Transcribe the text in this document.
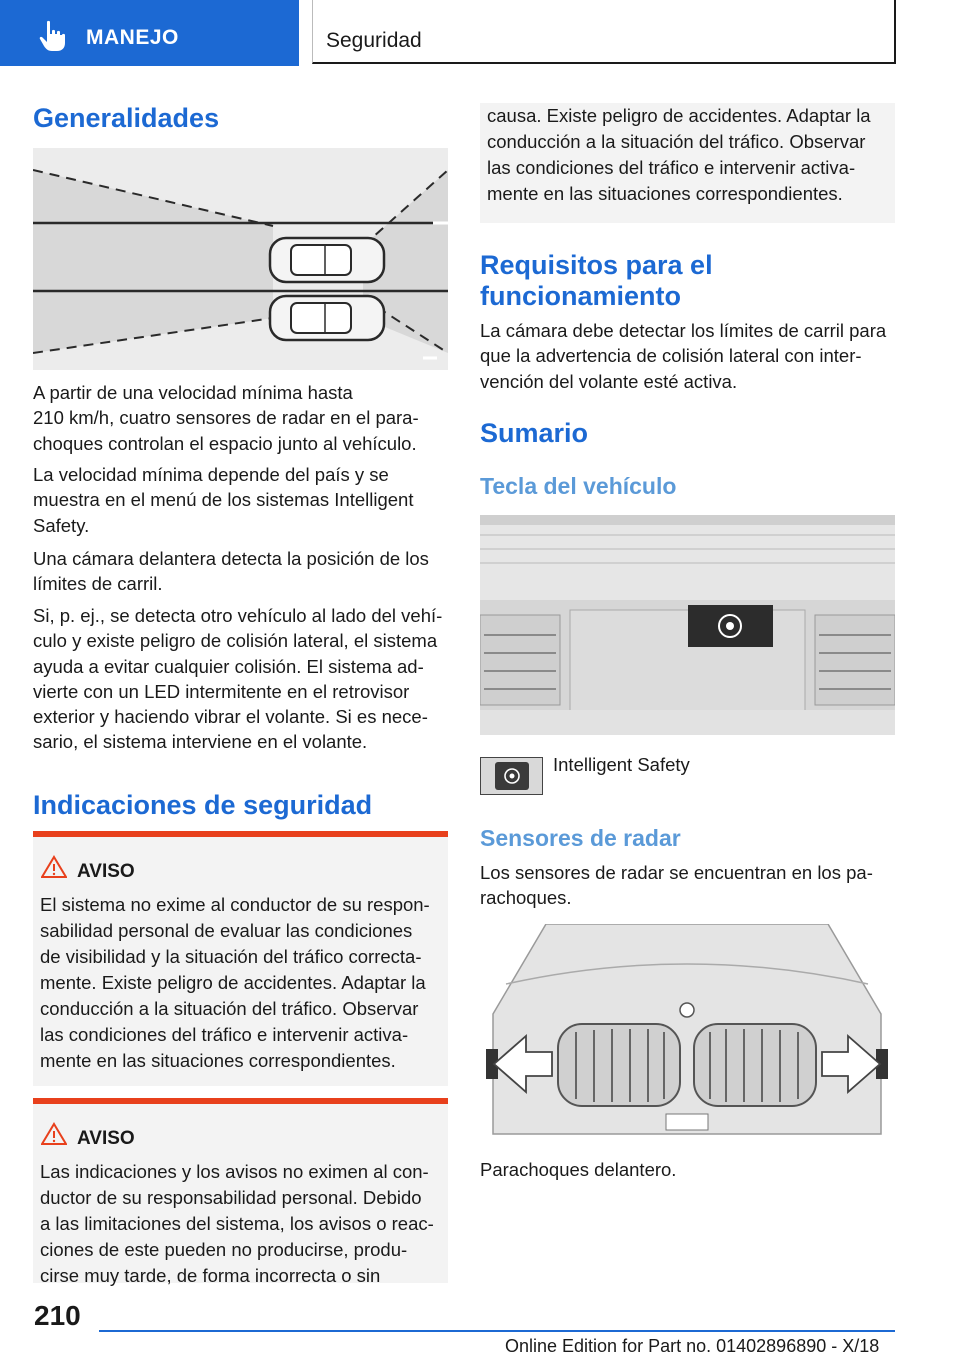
MANEJO	Seguridad
Generalidades
A partir de una velocidad mínima hasta
210 km/h, cuatro sensores de radar en el para‐
choques controlan el espacio junto al vehículo.
La velocidad mínima depende del país y se
muestra en el menú de los sistemas Intelligent
Safety.
Una cámara delantera detecta la posición de los
límites de carril.
Si, p. ej., se detecta otro vehículo al lado del vehí‐
culo y existe peligro de colisión lateral, el sistema
ayuda a evitar cualquier colisión. El sistema ad‐
vierte con un LED intermitente en el retrovisor
exterior y haciendo vibrar el volante. Si es nece‐
sario, el sistema interviene en el volante.
Indicaciones de seguridad
AVISO
El sistema no exime al conductor de su respon‐
sabilidad personal de evaluar las condiciones
de visibilidad y la situación del tráfico correcta‐
mente. Existe peligro de accidentes. Adaptar la
conducción a la situación del tráfico. Observar
las condiciones del tráfico e intervenir activa‐
mente en las situaciones correspondientes.
AVISO
Las indicaciones y los avisos no eximen al con‐
ductor de su responsabilidad personal. Debido
a las limitaciones del sistema, los avisos o reac‐
ciones de este pueden no producirse, produ‐
cirse muy tarde, de forma incorrecta o sin
causa. Existe peligro de accidentes. Adaptar la
conducción a la situación del tráfico. Observar
las condiciones del tráfico e intervenir activa‐
mente en las situaciones correspondientes.
Requisitos para el
funcionamiento
La cámara debe detectar los límites de carril para
que la advertencia de colisión lateral con inter‐
vención del volante esté activa.
Sumario
Tecla del vehículo
Intelligent Safety
Sensores de radar
Los sensores de radar se encuentran en los pa‐
rachoques.
Parachoques delantero.
210
Online Edition for Part no. 01402896890 - X/18
